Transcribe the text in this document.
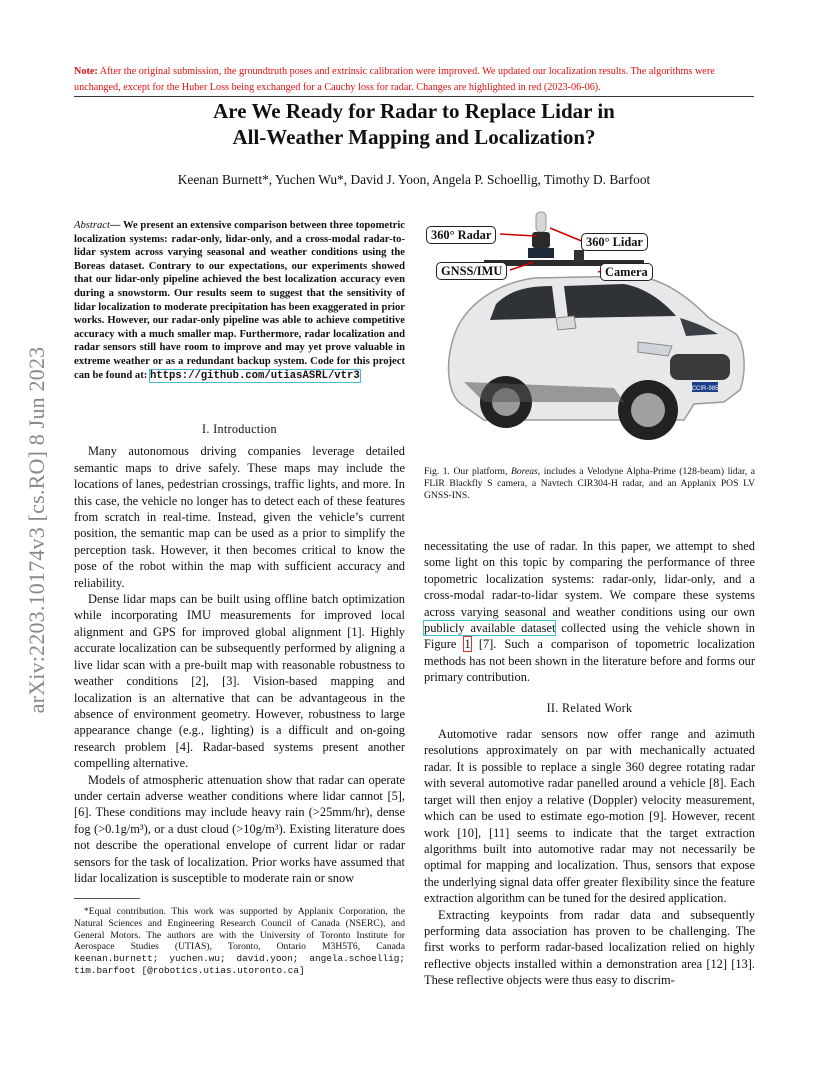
Note: After the original submission, the groundtruth poses and extrinsic calibration were improved. We updated our localization results. The algorithms were unchanged, except for the Huber Loss being exchanged for a Cauchy loss for radar. Changes are highlighted in red (2023-06-06).
Are We Ready for Radar to Replace Lidar in
All-Weather Mapping and Localization?
Keenan Burnett*, Yuchen Wu*, David J. Yoon, Angela P. Schoellig, Timothy D. Barfoot
arXiv:2203.10174v3 [cs.RO] 8 Jun 2023
Abstract— We present an extensive comparison between three topometric localization systems: radar-only, lidar-only, and a cross-modal radar-to-lidar system across varying seasonal and weather conditions using the Boreas dataset. Contrary to our expectations, our experiments showed that our lidar-only pipeline achieved the best localization accuracy even during a snowstorm. Our results seem to suggest that the sensitivity of lidar localization to moderate precipitation has been exaggerated in prior works. However, our radar-only pipeline was able to achieve competitive accuracy with a much smaller map. Furthermore, radar localization and radar sensors still have room to improve and may yet prove valuable in extreme weather or as a redundant backup system. Code for this project can be found at: https://github.com/utiasASRL/vtr3
I. Introduction

Many autonomous driving companies leverage detailed semantic maps to drive safely. These maps may include the locations of lanes, pedestrian crossings, traffic lights, and more. In this case, the vehicle no longer has to detect each of these features from scratch in real-time. Instead, given the vehicle’s current position, the semantic map can be used as a prior to simplify the perception task. However, it then becomes critical to know the pose of the robot within the map with sufficient accuracy and reliability.

Dense lidar maps can be built using offline batch optimization while incorporating IMU measurements for improved local alignment and GPS for improved global alignment [1]. Highly accurate localization can be subsequently performed by aligning a live lidar scan with a pre-built map with reasonable robustness to weather conditions [2], [3]. Vision-based mapping and localization is an alternative that can be advantageous in the absence of environment geometry. However, robustness to large appearance change (e.g., lighting) is a difficult and on-going research problem [4]. Radar-based systems present another compelling alternative.

Models of atmospheric attenuation show that radar can operate under certain adverse weather conditions where lidar cannot [5], [6]. These conditions may include heavy rain (>25mm/hr), dense fog (>0.1g/m³), or a dust cloud (>10g/m³). Existing literature does not describe the operational envelope of current lidar or radar sensors for the task of localization. Prior works have assumed that lidar localization is susceptible to moderate rain or snow

*Equal contribution. This work was supported by Applanix Corporation, the Natural Sciences and Engineering Research Council of Canada (NSERC), and General Motors. The authors are with the University of Toronto Institute for Aerospace Studies (UTIAS), Toronto, Ontario M3H5T6, Canada keenan.burnett; yuchen.wu; david.yoon; angela.schoellig; tim.barfoot [@robotics.utias.utoronto.ca]

CCIR-985
360° Radar	360° Lidar
GNSS/IMU	Camera
Fig. 1. Our platform, Boreas, includes a Velodyne Alpha-Prime (128-beam) lidar, a FLIR Blackfly S camera, a Navtech CIR304-H radar, and an Applanix POS LV GNSS-INS.

necessitating the use of radar. In this paper, we attempt to shed some light on this topic by comparing the performance of three topometric localization systems: radar-only, lidar-only, and a cross-modal radar-to-lidar system. We compare these systems across varying seasonal and weather conditions using our own publicly available dataset collected using the vehicle shown in Figure 1 [7]. Such a comparison of topometric localization methods has not been shown in the literature before and forms our primary contribution.

II. Related Work

Automotive radar sensors now offer range and azimuth resolutions approximately on par with mechanically actuated radar. It is possible to replace a single 360 degree rotating radar with several automotive radar panelled around a vehicle [8]. Each target will then enjoy a relative (Doppler) velocity measurement, which can be used to estimate ego-motion [9]. However, recent work [10], [11] seems to indicate that the target extraction algorithms built into automotive radar may not necessarily be optimal for mapping and localization. Thus, sensors that expose the underlying signal data offer greater flexibility since the feature extraction algorithm can be tuned for the desired application.

Extracting keypoints from radar data and subsequently performing data association has proven to be challenging. The first works to perform radar-based localization relied on highly reflective objects installed within a demonstration area [12] [13]. These reflective objects were thus easy to discrim-
